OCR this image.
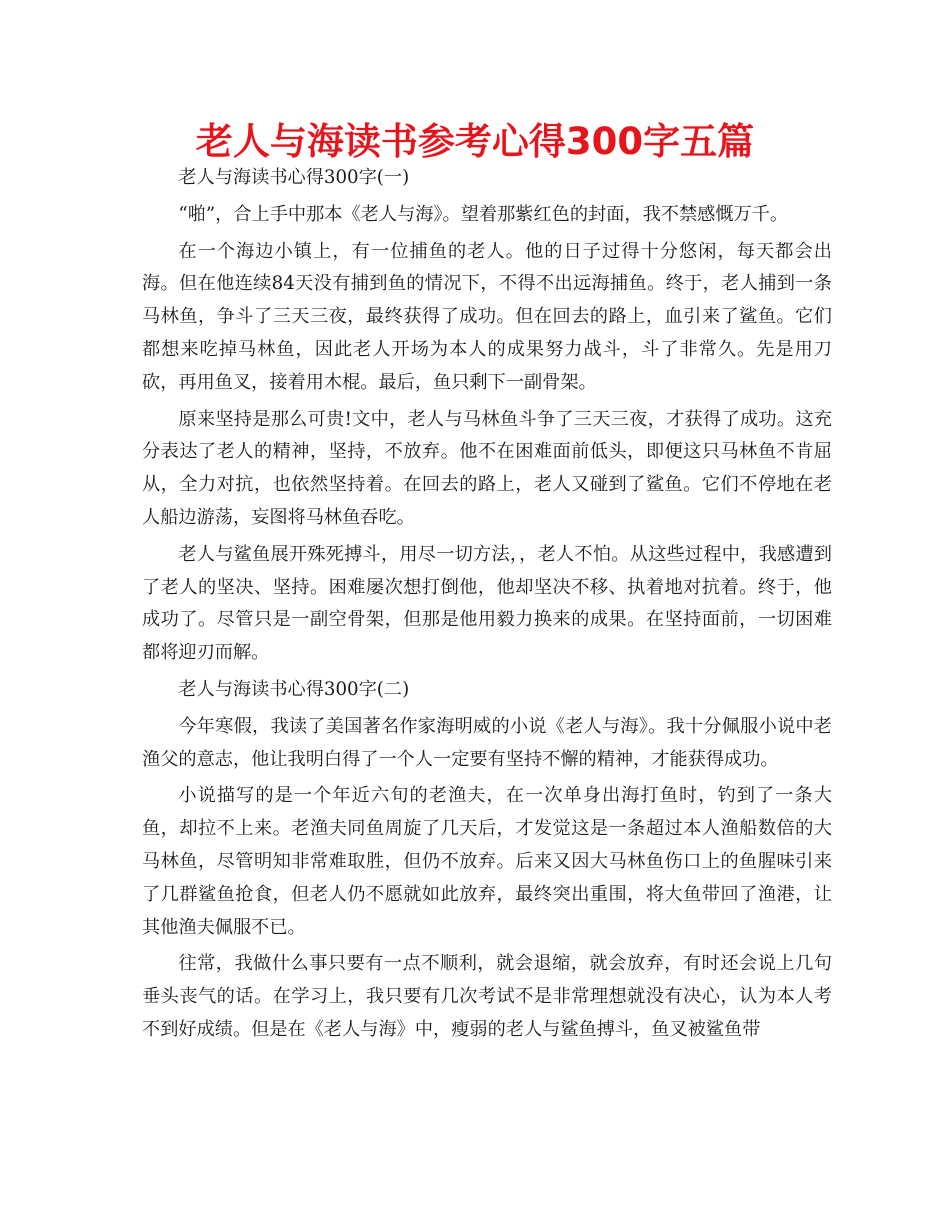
老人与海读书参考心得300字五篇

老人与海读书心得300字(一)

“啪”，合上手中那本《老人与海》。望着那紫红色的封面，我不禁感慨万千。

在一个海边小镇上，有一位捕鱼的老人。他的日子过得十分悠闲，每天都会出海。但在他连续84天没有捕到鱼的情况下，不得不出远海捕鱼。终于，老人捕到一条马林鱼，争斗了三天三夜，最终获得了成功。但在回去的路上，血引来了鲨鱼。它们都想来吃掉马林鱼，因此老人开场为本人的成果努力战斗，斗了非常久。先是用刀砍，再用鱼叉，接着用木棍。最后，鱼只剩下一副骨架。

原来坚持是那么可贵!文中，老人与马林鱼斗争了三天三夜，才获得了成功。这充分表达了老人的精神，坚持，不放弃。他不在困难面前低头，即便这只马林鱼不肯屈从，全力对抗，也依然坚持着。在回去的路上，老人又碰到了鲨鱼。它们不停地在老人船边游荡，妄图将马林鱼吞吃。

老人与鲨鱼展开殊死搏斗，用尽一切方法，，老人不怕。从这些过程中，我感遭到了老人的坚决、坚持。困难屡次想打倒他，他却坚决不移、执着地对抗着。终于，他成功了。尽管只是一副空骨架，但那是他用毅力换来的成果。在坚持面前，一切困难都将迎刃而解。

老人与海读书心得300字(二)

今年寒假，我读了美国著名作家海明威的小说《老人与海》。我十分佩服小说中老渔父的意志，他让我明白得了一个人一定要有坚持不懈的精神，才能获得成功。

小说描写的是一个年近六旬的老渔夫，在一次单身出海打鱼时，钓到了一条大鱼，却拉不上来。老渔夫同鱼周旋了几天后，才发觉这是一条超过本人渔船数倍的大马林鱼，尽管明知非常难取胜，但仍不放弃。后来又因大马林鱼伤口上的鱼腥味引来了几群鲨鱼抢食，但老人仍不愿就如此放弃，最终突出重围，将大鱼带回了渔港，让其他渔夫佩服不已。

往常，我做什么事只要有一点不顺利，就会退缩，就会放弃，有时还会说上几句垂头丧气的话。在学习上，我只要有几次考试不是非常理想就没有决心，认为本人考不到好成绩。但是在《老人与海》中，瘦弱的老人与鲨鱼搏斗，鱼叉被鲨鱼带
